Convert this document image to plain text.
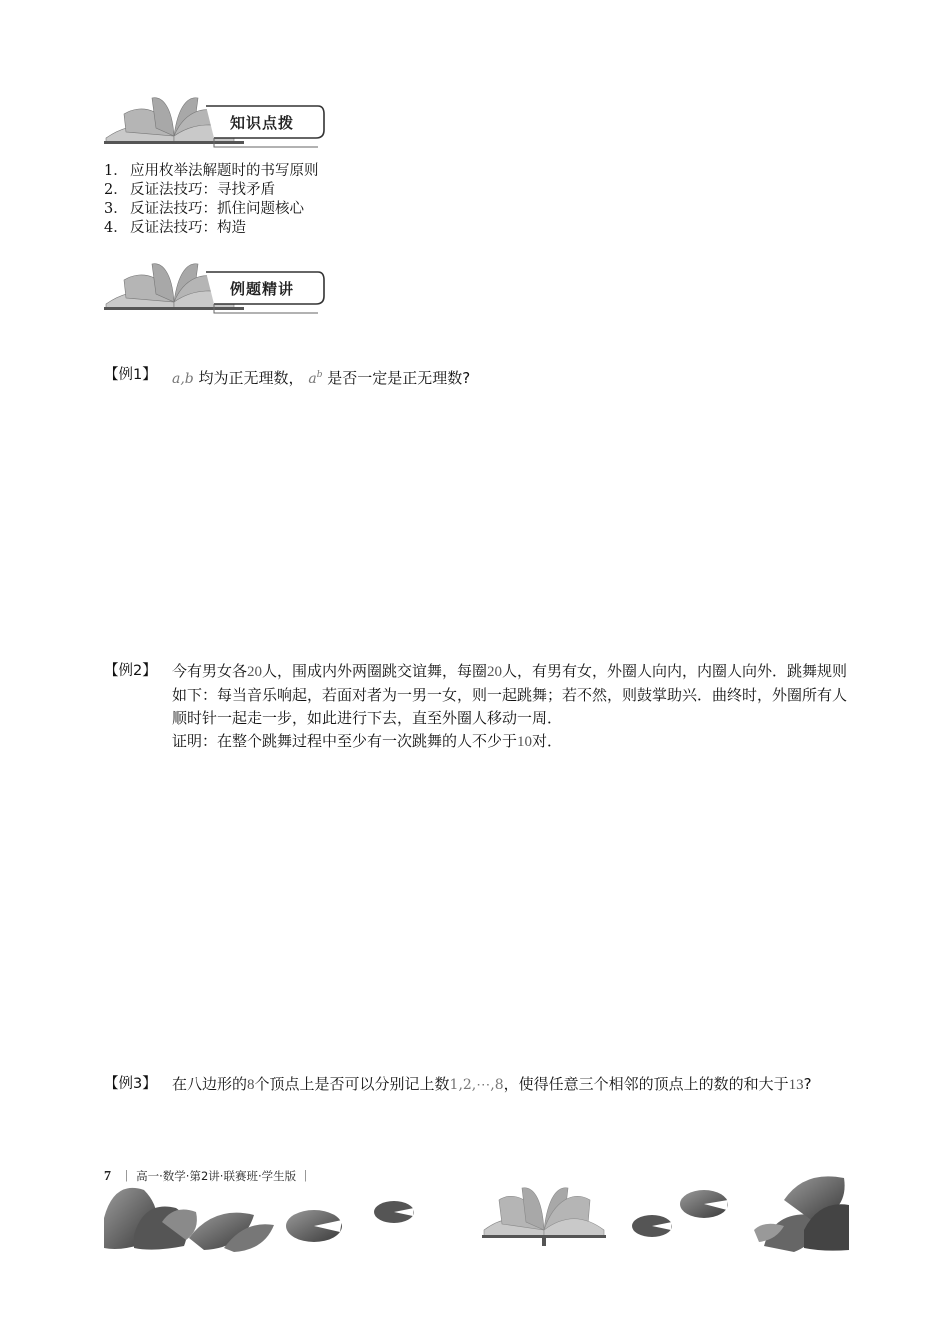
知识点拨
1． 应用枚举法解题时的书写原则
2． 反证法技巧：寻找矛盾
3． 反证法技巧：抓住问题核心
4． 反证法技巧：构造
例题精讲
【例1】 a,b 均为正无理数， $a^b$ 是否一定是正无理数?
【例2】 今有男女各20人，围成内外两圈跳交谊舞，每圈20人，有男有女，外圈人向内，内圈人向外．跳舞规则如下：每当音乐响起，若面对者为一男一女，则一起跳舞；若不然，则鼓掌助兴．曲终时，外圈所有人顺时针一起走一步，如此进行下去，直至外圈人移动一周．
证明：在整个跳舞过程中至少有一次跳舞的人不少于10对．
【例3】 在八边形的8个顶点上是否可以分别记上数1,2,⋯,8，使得任意三个相邻的顶点上的数的和大于13?
7 ｜ 高一·数学·第2讲·联赛班·学生版 ｜
